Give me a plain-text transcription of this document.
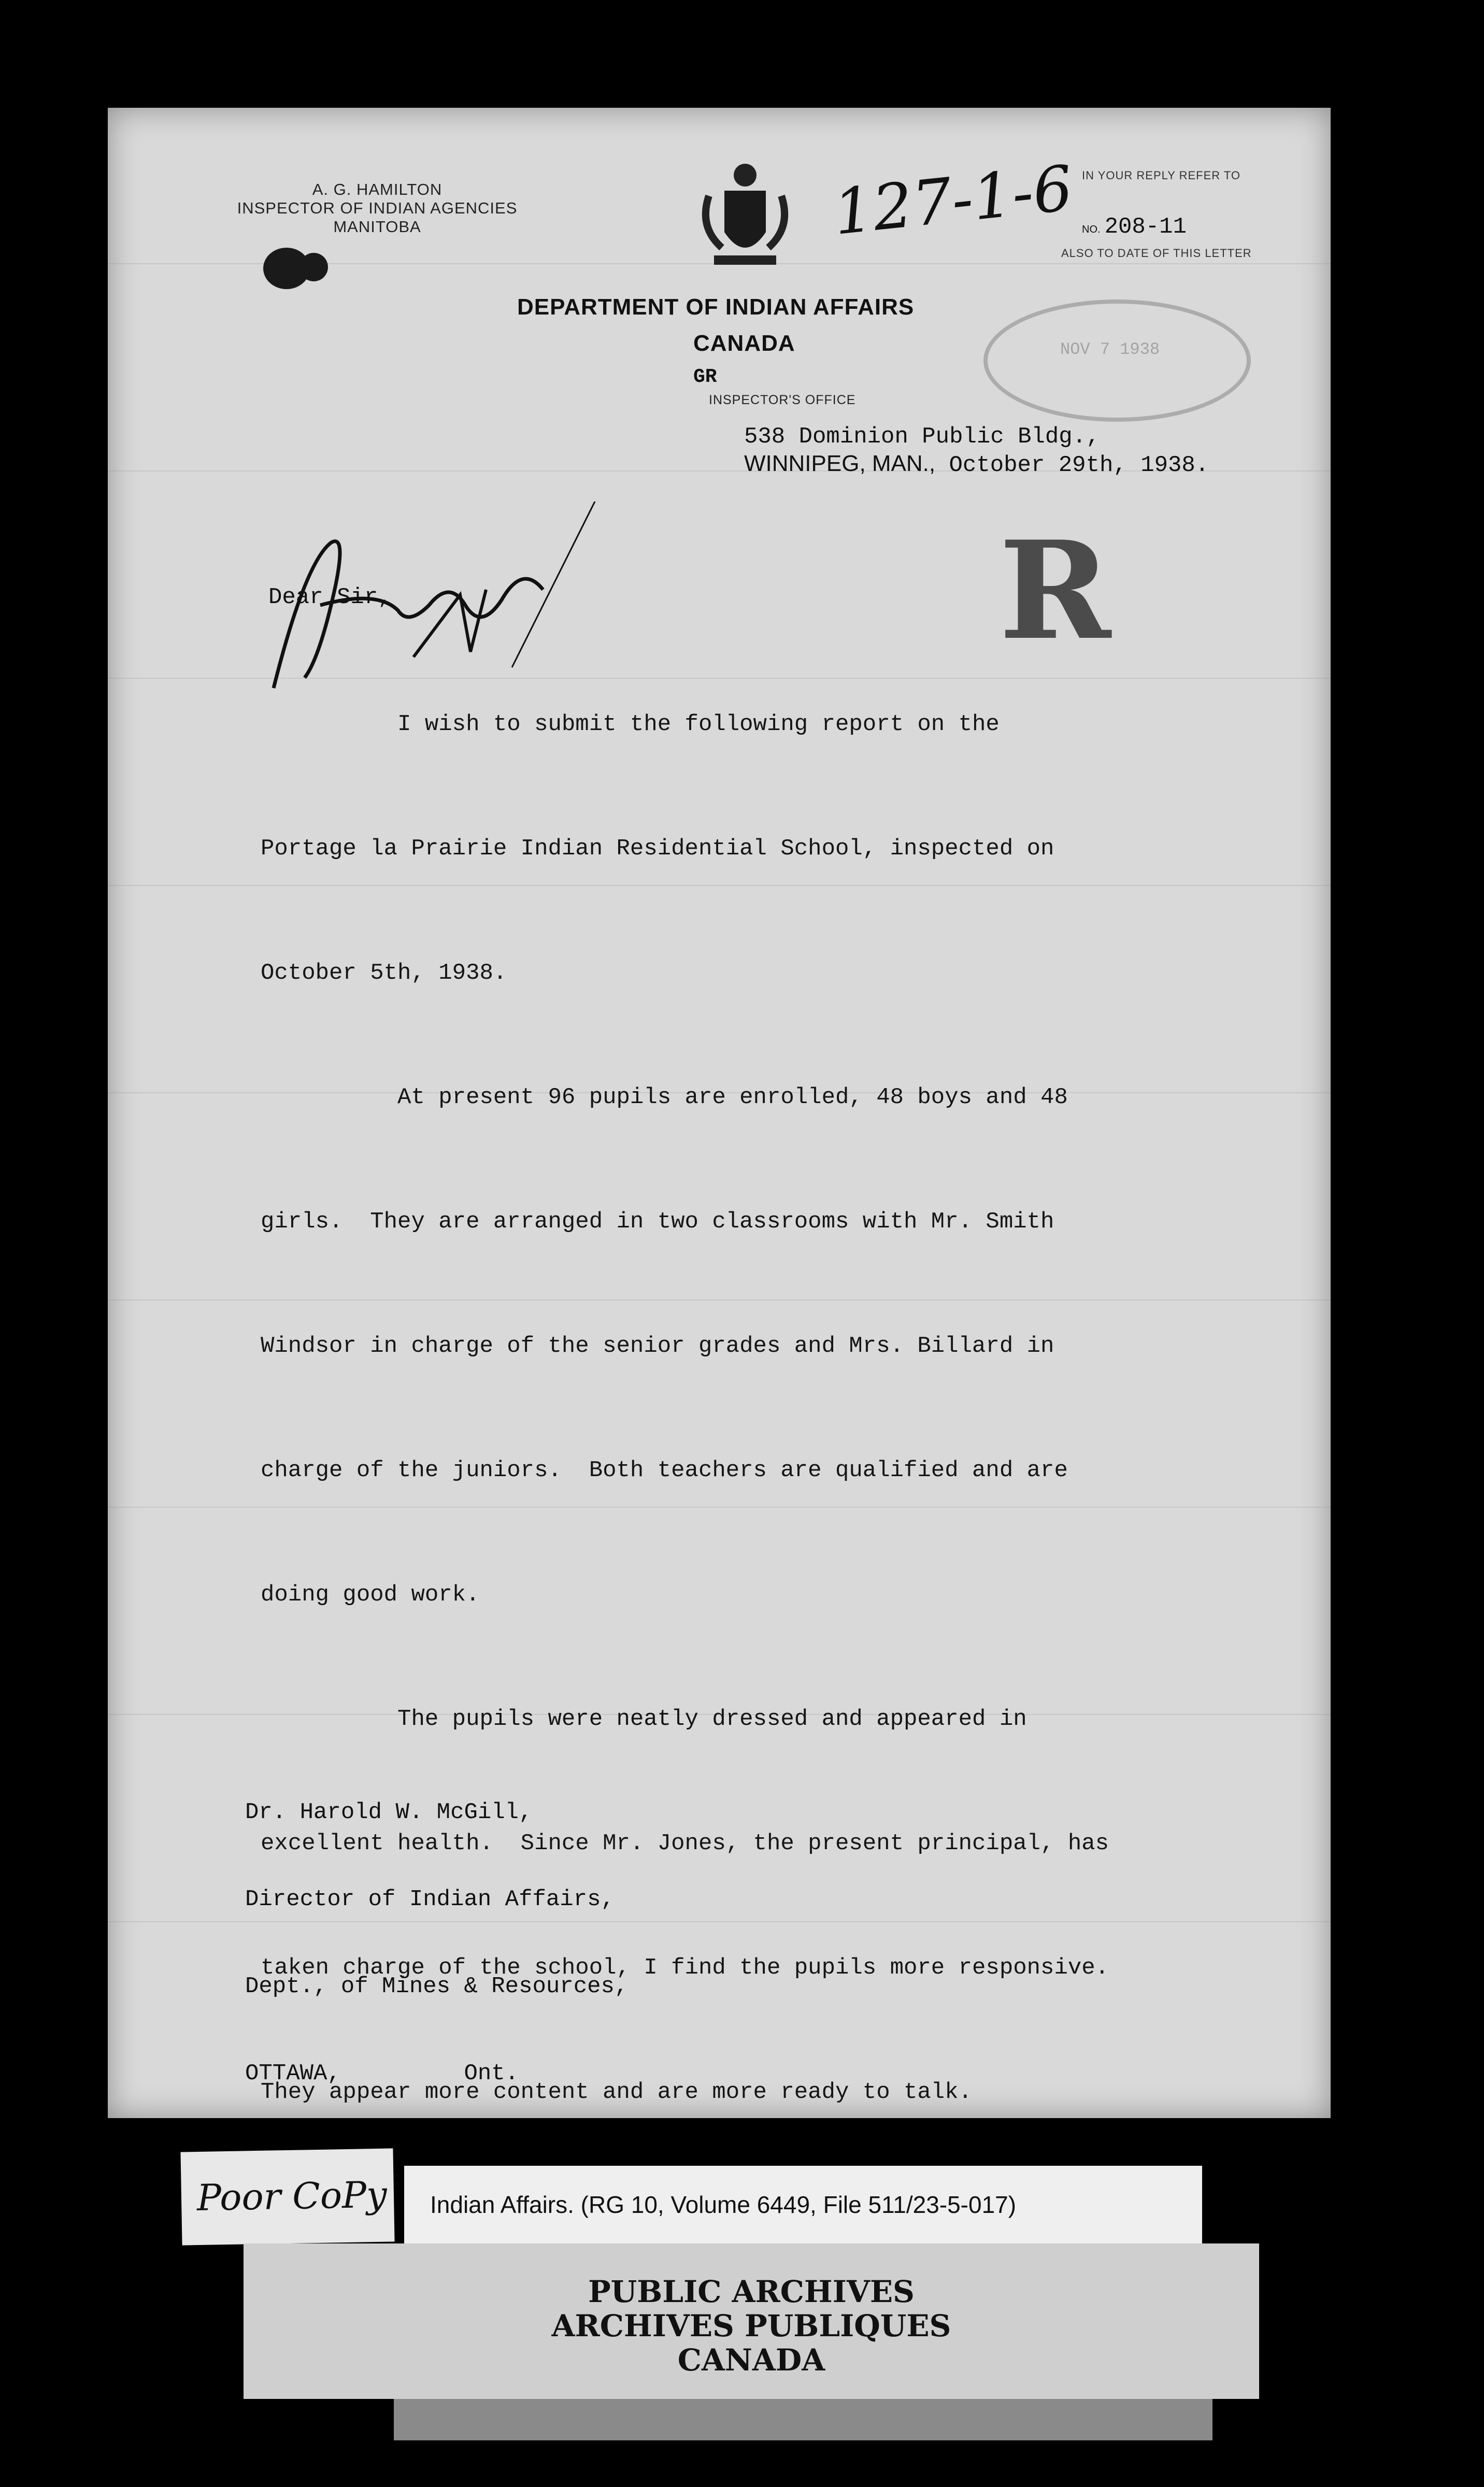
A. G. HAMILTON
INSPECTOR OF INDIAN AGENCIES
MANITOBA	127-1-6 IN YOUR REPLY REFER TO
NO. 208-11
ALSO TO DATE OF THIS LETTER
NOV 7 1938
DEPARTMENT OF INDIAN AFFAIRS
CANADA
GR
INSPECTOR'S OFFICE
538 Dominion Public Bldg.,
WINNIPEG, MAN., October 29th, 1938.
R
Dear Sir,

I wish to submit the following report on the

Portage la Prairie Indian Residential School, inspected on

October 5th, 1938.

At present 96 pupils are enrolled, 48 boys and 48

girls.  They are arranged in two classrooms with Mr. Smith

Windsor in charge of the senior grades and Mrs. Billard in

charge of the juniors.  Both teachers are qualified and are

doing good work.

The pupils were neatly dressed and appeared in

excellent health.  Since Mr. Jones, the present principal, has

taken charge of the school, I find the pupils more responsive.

They appear more content and are more ready to talk.

Dr. Harold W. McGill,

Director of Indian Affairs,

Dept., of Mines & Resources,

OTTAWA,         Ont.

Poor CoPy Indian Affairs. (RG 10, Volume 6449, File 511/23-5-017)
PUBLIC ARCHIVES
ARCHIVES PUBLIQUES
CANADA
